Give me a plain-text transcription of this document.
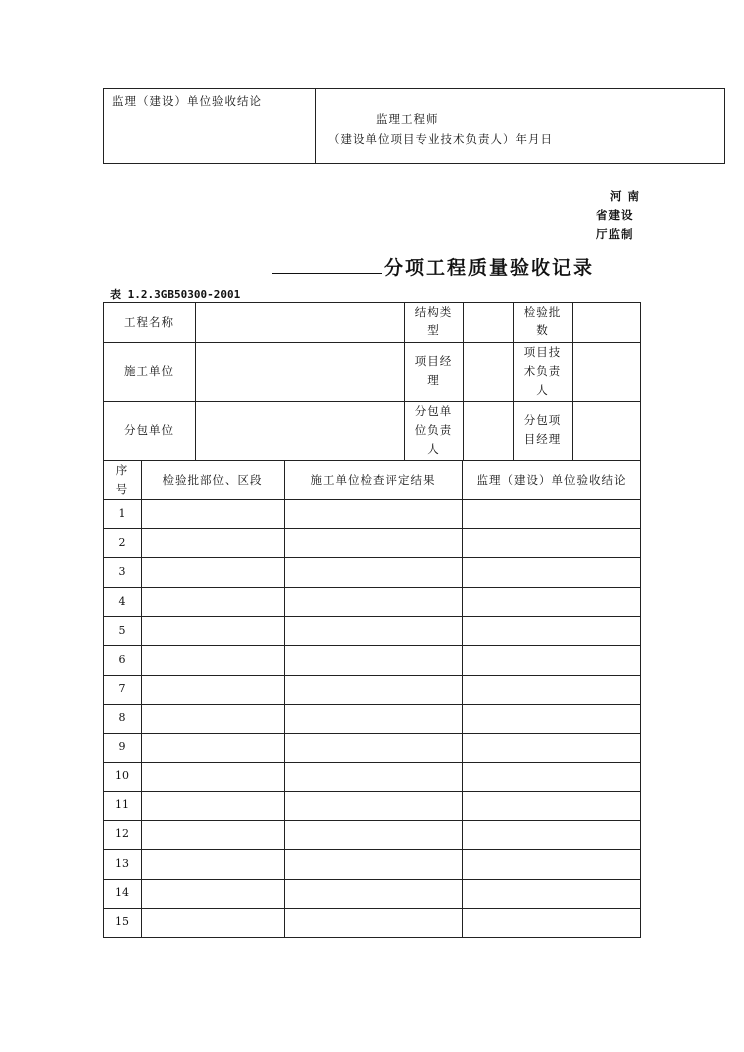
监理（建设）单位验收结论
监理工程师
（建设单位项目专业技术负责人）年月日
河 南
省建设
厅监制
分项工程质量验收记录
表 1.2.3GB50300-2001
工程名称
结构类
型
检验批
数
施工单位
项目经
理
项目技
术负责
人
分包单位
分包单
位负责
人
分包项
目经理
序
号
检验批部位、区段	施工单位检查评定结果	监理（建设）单位验收结论
1
2
3
4
5
6
7
8
9
10
11
12
13
14
15
